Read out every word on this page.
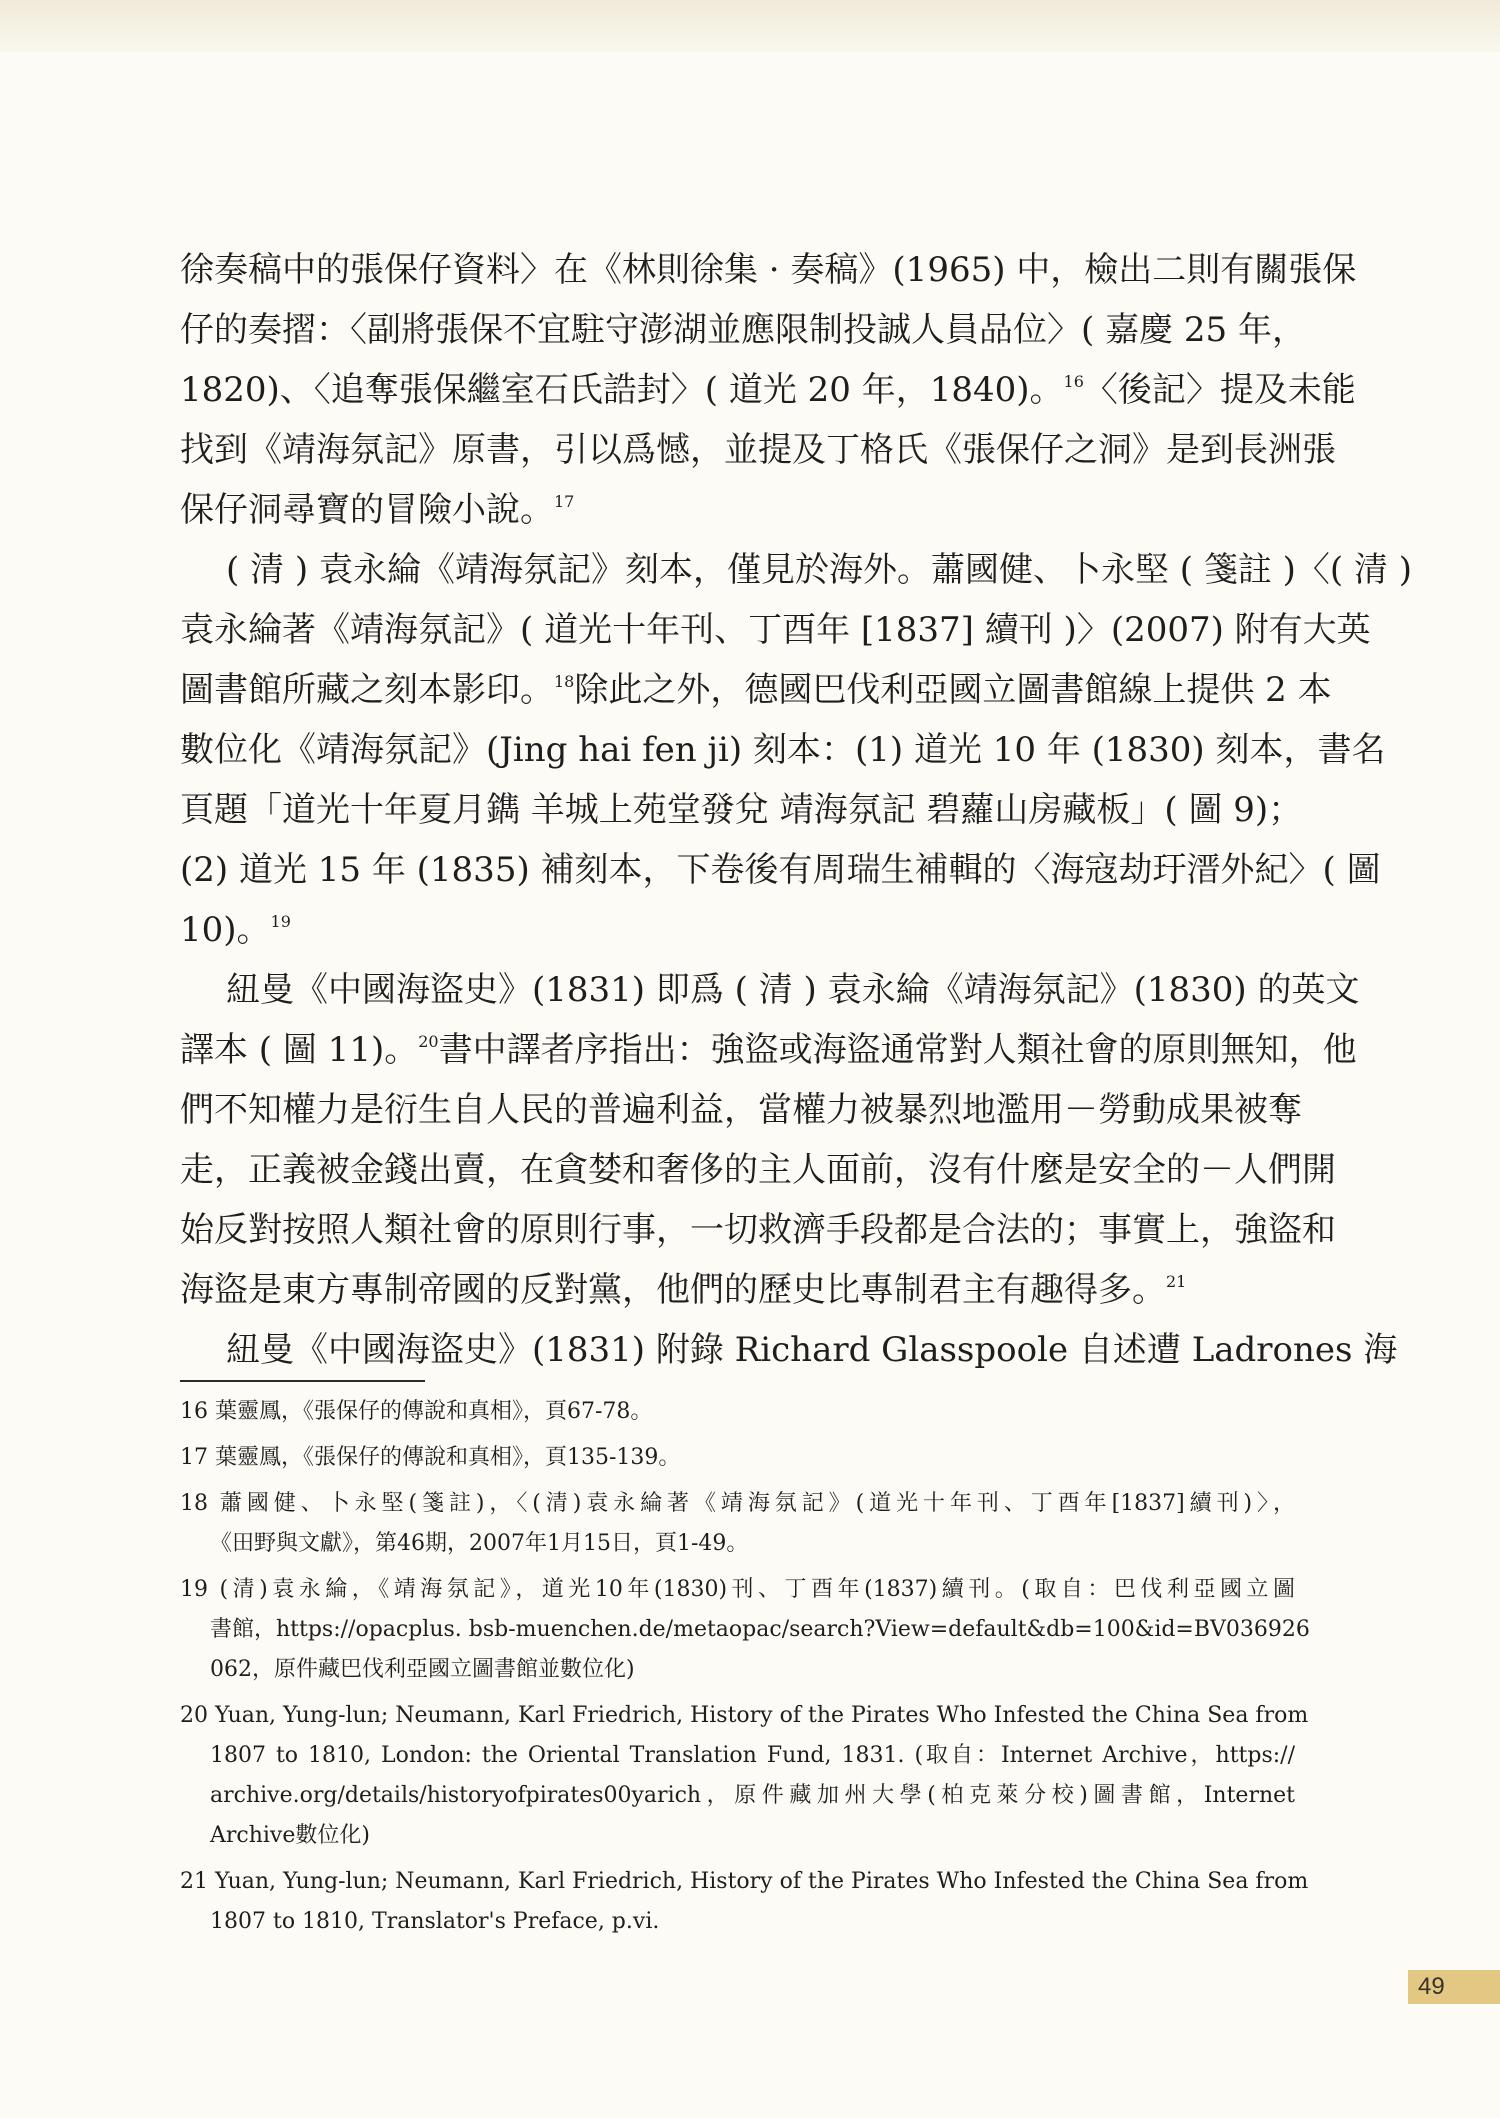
徐奏稿中的張保仔資料〉在《林則徐集 · 奏稿》(1965) 中，檢出二則有關張保
仔的奏摺：〈副將張保不宜駐守澎湖並應限制投誠人員品位〉( 嘉慶 25 年，
1820)、〈追奪張保繼室石氏誥封〉( 道光 20 年，1840)。$^{16}$〈後記〉提及未能
找到《靖海氛記》原書，引以爲憾，並提及丁格氏《張保仔之洞》是到長洲張
保仔洞尋寶的冒險小說。$^{17}$
( 清 ) 袁永綸《靖海氛記》刻本，僅見於海外。蕭國健、卜永堅 ( 箋註 )〈( 清 )
袁永綸著《靖海氛記》( 道光十年刊、丁酉年 [1837] 續刊 )〉(2007) 附有大英
圖書館所藏之刻本影印。$^{18}$除此之外，德國巴伐利亞國立圖書館線上提供 2 本
數位化《靖海氛記》(Jing hai fen ji) 刻本：(1) 道光 10 年 (1830) 刻本，書名
頁題「道光十年夏月鐫 羊城上苑堂發兌 靖海氛記 碧蘿山房藏板」( 圖 9)；
(2) 道光 15 年 (1835) 補刻本，下卷後有周瑞生補輯的〈海寇劫玗溍外紀〉( 圖
10)。$^{19}$
紐曼《中國海盜史》(1831) 即爲 ( 清 ) 袁永綸《靖海氛記》(1830) 的英文
譯本 ( 圖 11)。$^{20}$書中譯者序指出：強盜或海盜通常對人類社會的原則無知，他
們不知權力是衍生自人民的普遍利益，當權力被暴烈地濫用－勞動成果被奪
走，正義被金錢出賣，在貪婪和奢侈的主人面前，沒有什麼是安全的－人們開
始反對按照人類社會的原則行事，一切救濟手段都是合法的；事實上，強盜和
海盜是東方專制帝國的反對黨，他們的歷史比專制君主有趣得多。$^{21}$
紐曼《中國海盜史》(1831) 附錄 Richard Glasspoole 自述遭 Ladrones 海
16 葉靈鳳，《張保仔的傳說和真相》，頁67-78。
17 葉靈鳳，《張保仔的傳說和真相》，頁135-139。
18 蕭國健、卜永堅(箋註)，〈(清)袁永綸著《靖海氛記》(道光十年刊、丁酉年[1837]續刊)〉，
《田野與文獻》，第46期，2007年1月15日，頁1-49。
19 (清)袁永綸，《靖海氛記》，道光10年(1830)刊、丁酉年(1837)續刊。(取自：巴伐利亞國立圖
書館，https://opacplus. bsb-muenchen.de/metaopac/search?View=default&db=100&id=BV036926
062，原件藏巴伐利亞國立圖書館並數位化)
20 Yuan, Yung-lun; Neumann, Karl Friedrich, History of the Pirates Who Infested the China Sea from
1807 to 1810, London: the Oriental Translation Fund, 1831. (取自：Internet Archive，https://
archive.org/details/historyofpirates00yarich，原件藏加州大學(柏克萊分校)圖書館，Internet
Archive數位化)
21 Yuan, Yung-lun; Neumann, Karl Friedrich, History of the Pirates Who Infested the China Sea from
1807 to 1810, Translator's Preface, p.vi.
49
